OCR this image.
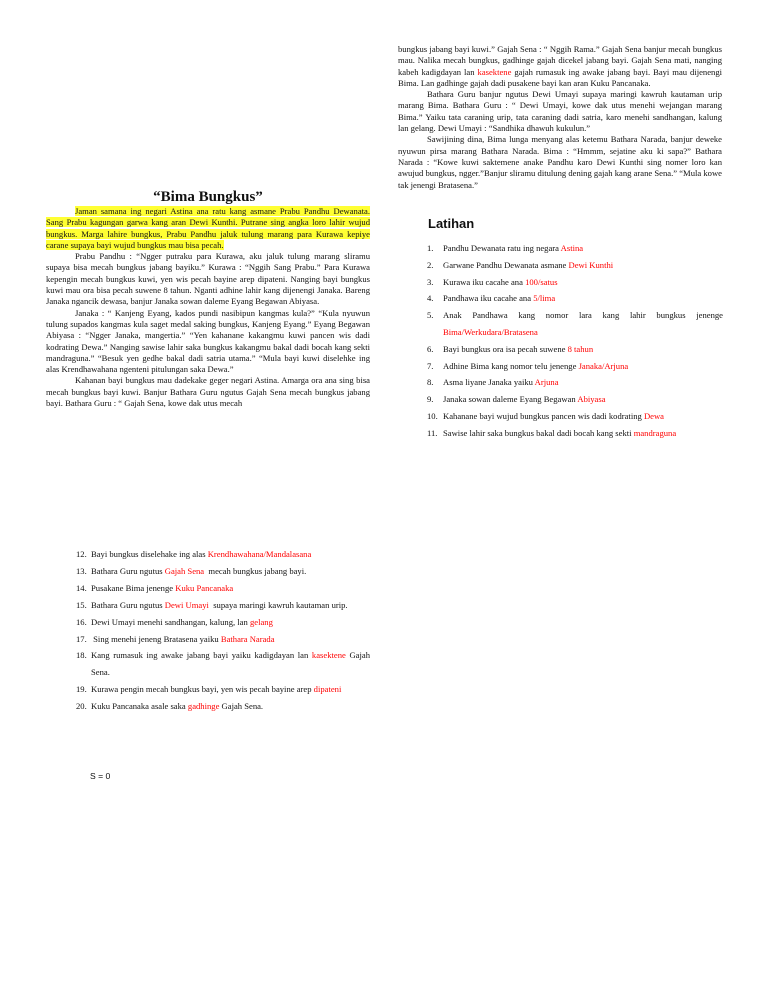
bungkus jabang bayi kuwi.” Gajah Sena : “ Nggih Rama.” Gajah Sena banjur mecah bungkus mau. Nalika mecah bungkus, gadhinge gajah dicekel jabang bayi. Gajah Sena mati, nanging kabeh kadigdayan lan kasektene gajah rumasuk ing awake jabang bayi. Bayi mau dijenengi Bima. Lan gadhinge gajah dadi pusakene bayi kan aran Kuku Pancanaka.

Bathara Guru banjur ngutus Dewi Umayi supaya maringi kawruh kautaman urip marang Bima. Bathara Guru : “ Dewi Umayi, kowe dak utus menehi wejangan marang Bima.” Yaiku tata caraning urip, tata caraning dadi satria, karo menehi sandhangan, kalung lan gelang. Dewi Umayi : “Sandhika dhawuh kukulun.”

Sawijining dina, Bima lunga menyang alas ketemu Bathara Narada, banjur deweke nyuwun pirsa marang Bathara Narada. Bima : “Hmmm, sejatine aku ki sapa?” Bathara Narada : “Kowe kuwi saktemene anake Pandhu karo Dewi Kunthi sing nomer loro kan awujud bungkus, ngger.”Banjur sliramu ditulung dening gajah kang arane Sena.” “Mula kowe tak jenengi Bratasena.”

“Bima Bungkus”

Jaman samana ing negari Astina ana ratu kang asmane Prabu Pandhu Dewanata. Sang Prabu kagungan garwa kang aran Dewi Kunthi. Putrane sing angka loro lahir wujud bungkus. Marga lahire bungkus, Prabu Pandhu jaluk tulung marang para Kurawa kepiye carane supaya bayi wujud bungkus mau bisa pecah.

Prabu Pandhu : “Ngger putraku para Kurawa, aku jaluk tulung marang sliramu supaya bisa mecah bungkus jabang bayiku.” Kurawa : “Nggih Sang Prabu.” Para Kurawa kepengin mecah bungkus kuwi, yen wis pecah bayine arep dipateni. Nanging bayi bungkus kuwi mau ora bisa pecah suwene 8 tahun. Nganti adhine lahir kang dijenengi Janaka. Bareng Janaka ngancik dewasa, banjur Janaka sowan daleme Eyang Begawan Abiyasa.

Janaka : “ Kanjeng Eyang, kados pundi nasibipun kangmas kula?” “Kula nyuwun tulung supados kangmas kula saget medal saking bungkus, Kanjeng Eyang.” Eyang Begawan Abiyasa : “Ngger Janaka, mangertia.” “Yen kahanane kakangmu kuwi pancen wis dadi kodrating Dewa.” Nanging sawise lahir saka bungkus kakangmu bakal dadi bocah kang sekti mandraguna.” “Besuk yen gedhe bakal dadi satria utama.” “Mula bayi kuwi diselehke ing alas Krendhawahana ngenteni pitulungan saka Dewa.”

Kahanan bayi bungkus mau dadekake geger negari Astina. Amarga ora ana sing bisa mecah bungkus bayi kuwi. Banjur Bathara Guru ngutus Gajah Sena mecah bungkus jabang bayi. Bathara Guru : “ Gajah Sena, kowe dak utus mecah

Latihan
1. Pandhu Dewanata ratu ing negara Astina
2. Garwane Pandhu Dewanata asmane Dewi Kunthi
3. Kurawa iku cacahe ana 100/satus
4. Pandhawa iku cacahe ana 5/lima
5. Anak Pandhawa kang nomor lara kang lahir bungkus jenenge Bima/Werkudara/Bratasena
6. Bayi bungkus ora isa pecah suwene 8 tahun
7. Adhine Bima kang nomor telu jenenge Janaka/Arjuna
8. Asma liyane Janaka yaiku Arjuna
9. Janaka sowan daleme Eyang Begawan Abiyasa
10. Kahanane bayi wujud bungkus pancen wis dadi kodrating Dewa
11. Sawise lahir saka bungkus bakal dadi bocah kang sekti mandraguna
12. Bayi bungkus diselehake ing alas Krendhawahana/Mandalasana
13. Bathara Guru ngutus Gajah Sena  mecah bungkus jabang bayi.
14. Pusakane Bima jenenge Kuku Pancanaka
15. Bathara Guru ngutus Dewi Umayi  supaya maringi kawruh kautaman urip.
16. Dewi Umayi menehi sandhangan, kalung, lan gelang
17. Sing menehi jeneng Bratasena yaiku Bathara Narada
18. Kang rumasuk ing awake jabang bayi yaiku kadigdayan lan kasektene Gajah Sena.
19. Kurawa pengin mecah bungkus bayi, yen wis pecah bayine arep dipateni
20. Kuku Pancanaka asale saka gadhinge Gajah Sena.
S = 0
